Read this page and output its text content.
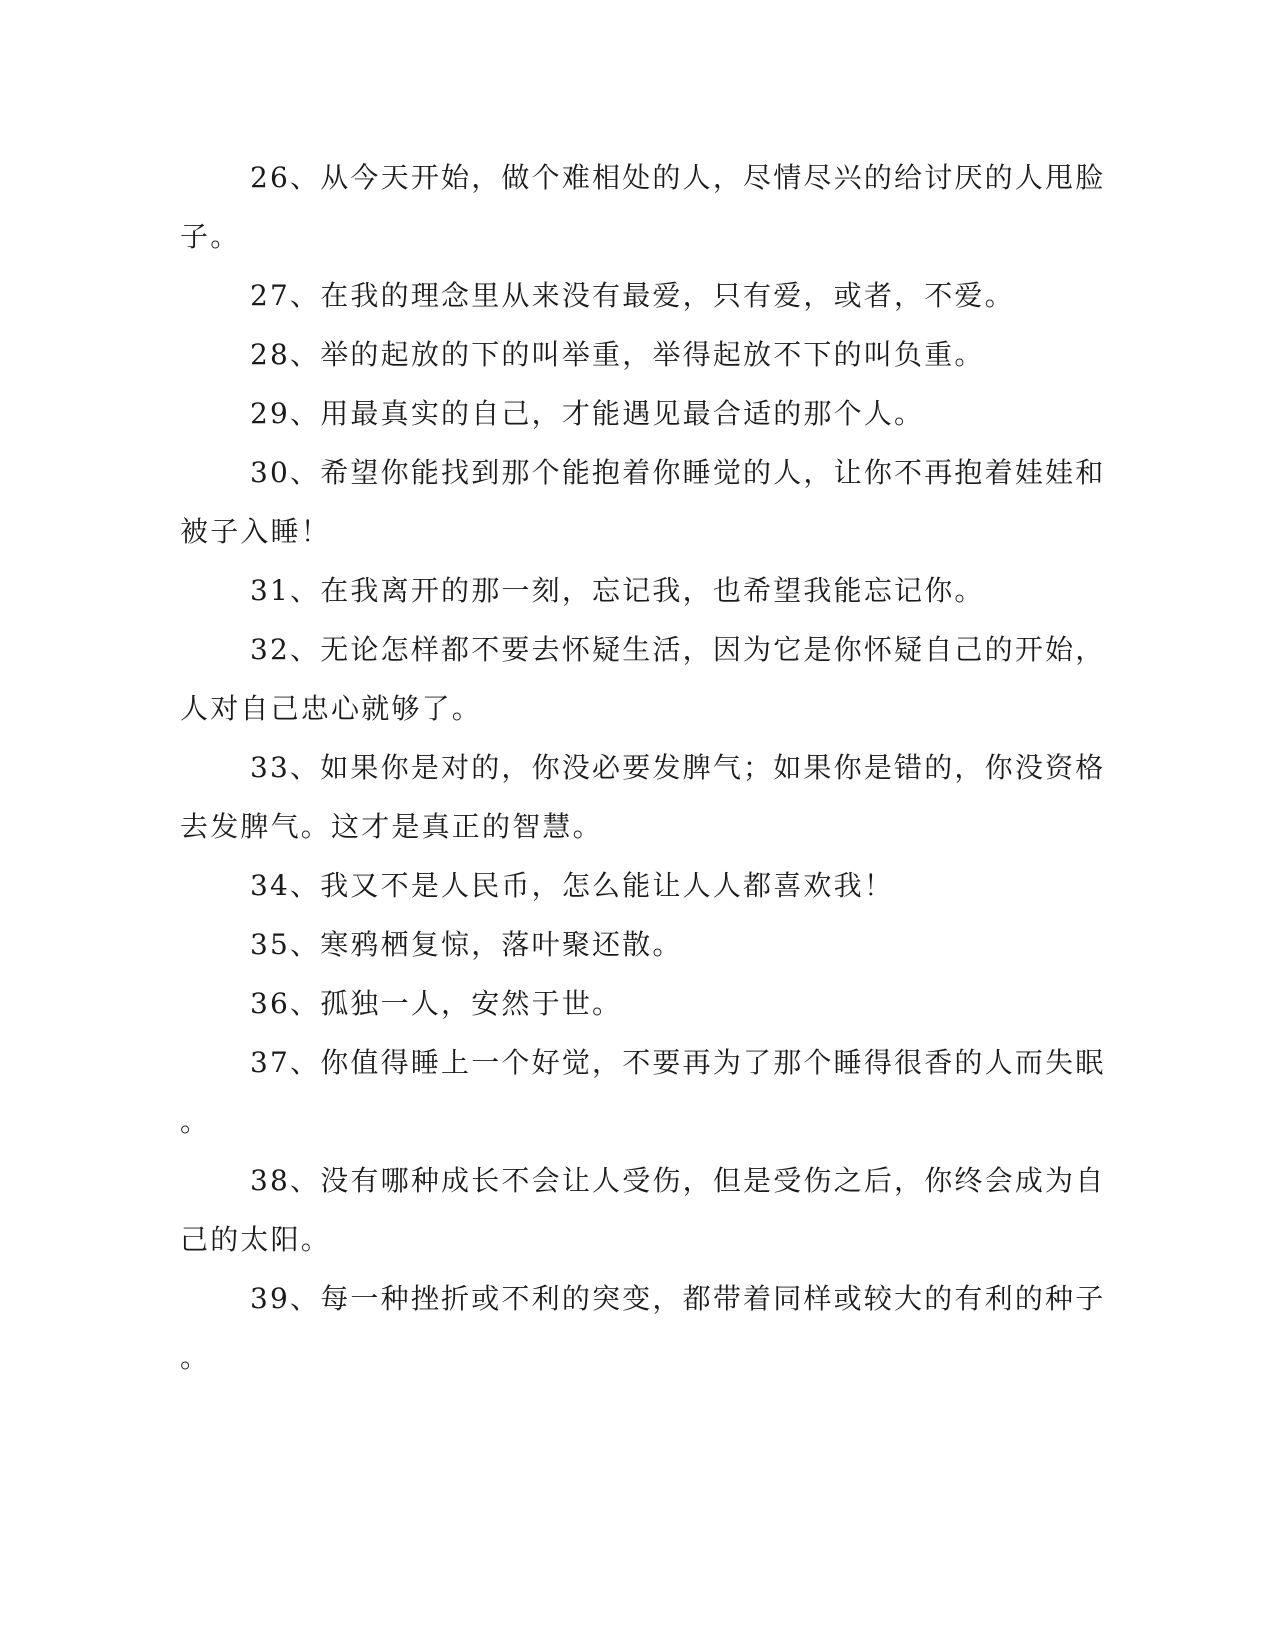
26、从今天开始，做个难相处的人，尽情尽兴的给讨厌的人甩脸
子。
27、在我的理念里从来没有最爱，只有爱，或者，不爱。
28、举的起放的下的叫举重，举得起放不下的叫负重。
29、用最真实的自己，才能遇见最合适的那个人。
30、希望你能找到那个能抱着你睡觉的人，让你不再抱着娃娃和
被子入睡！
31、在我离开的那一刻，忘记我，也希望我能忘记你。
32、无论怎样都不要去怀疑生活，因为它是你怀疑自己的开始，
人对自己忠心就够了。
33、如果你是对的，你没必要发脾气；如果你是错的，你没资格
去发脾气。这才是真正的智慧。
34、我又不是人民币，怎么能让人人都喜欢我！
35、寒鸦栖复惊，落叶聚还散。
36、孤独一人，安然于世。
37、你值得睡上一个好觉，不要再为了那个睡得很香的人而失眠
。
38、没有哪种成长不会让人受伤，但是受伤之后，你终会成为自
己的太阳。
39、每一种挫折或不利的突变，都带着同样或较大的有利的种子
。
